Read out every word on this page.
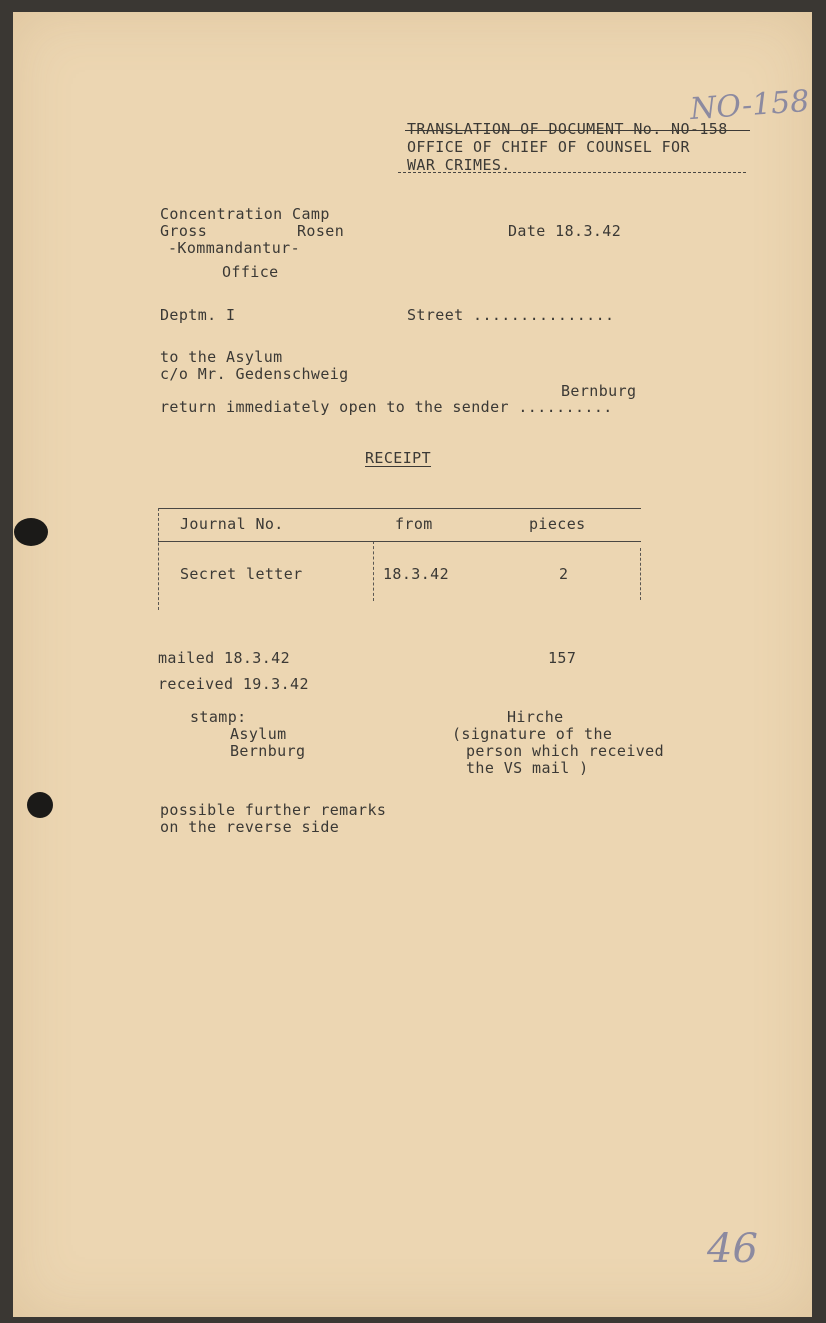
NO-158
46
TRANSLATION OF DOCUMENT No. NO-158
OFFICE OF CHIEF OF COUNSEL FOR
WAR CRIMES.
Concentration Camp
Gross	Rosen
-Kommandantur-
Office
Date 18.3.42
Deptm. I	Street ...............
to the Asylum
c/o Mr. Gedenschweig
Bernburg
return immediately open to the sender ..........
RECEIPT
Journal No.	from	pieces
Secret letter	18.3.42	2
mailed 18.3.42	157
received 19.3.42
stamp:
Asylum
Bernburg
Hirche
(signature of the
person which received
the VS mail )
possible further remarks
on the reverse side
